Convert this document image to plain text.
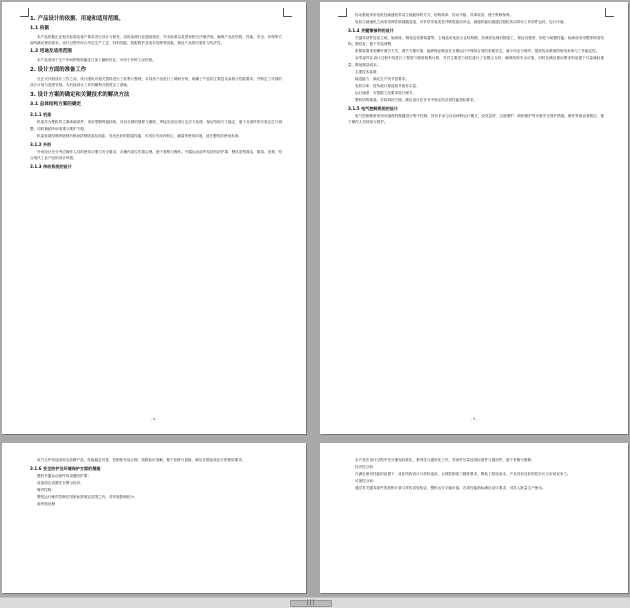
1. 产品设计的依据、用途和适用范围。
1.1 依据

本产品依据企业相关标准及客户要求进行设计与研发，同时参照行业通用规范、安全标准以及国家相关法律法规，确保产品在结构、性能、安全、环保等方面均满足使用需求。设计过程中综合考虑生产工艺、材料性能、装配维护及成本控制等因素，保证产品的可靠性与经济性。

1.2 用途及适用范围

本产品适用于生产车间的物料输送与加工辅助作业，可用于多种工况环境。

2. 设计方面的准备工作

在正式开展设计工作之前，设计团队对相关资料进行了收集与整理，对同类产品进行了调研分析，明确了产品的主要技术参数与性能要求，并制定了详细的设计计划与进度安排，为后续设计工作的顺利开展奠定了基础。

3. 设计方案的确定和关键技术的解决方法
3.1 总体结构方案的确定
3.1.1 机架

机架作为整机的主要承载部件，采用型钢焊接结构，具有足够的强度与刚度。焊接完成后进行去应力处理，保证结构尺寸稳定，便于各部件的安装定位与调整，同时兼顾外形美观与维护方便。

机架表面经喷砂除锈后喷涂防锈底漆及面漆，具有良好的防腐性能，可适应车间内粉尘、潮湿等使用环境，延长整机的使用寿命。

3.1.2 外形

外形设计充分考虑操作人员的使用习惯与安全要求，各操作部位布置合理，便于观察与操作。外露运动部件均设有防护罩，整体造型简洁、紧凑、美观，符合现代工业产品的设计风格。

3.1.3 传动系统的设计
- 4 -

传动系统采用电机经减速机带动主轴旋转的方式，结构简单、传动平稳、效率较高，便于维修保养。

电机与减速机之间采用弹性联轴器连接，可补偿安装误差并吸收振动冲击，减速机输出端通过链轮传动带动工作部件运转，运行可靠。

3.1.4 关键零部件的设计

关键零部件包括主轴、轴承座、链轮及张紧装置等。主轴选用优质合金结构钢，经调质处理后精加工，保证其强度、韧性与耐磨性能；轴承座采用整体铸造结构，刚性好，便于安装调整。

张紧装置采用螺杆调节方式，调节方便可靠，能够保证链条在长期运行中保持合适的张紧状态，减少冲击与噪声，提高传动系统的使用寿命与工作稳定性。

各零部件在设计过程中均进行了强度与刚度校核计算，并对主要受力部位进行了有限元分析，确保结构安全可靠，同时在满足使用要求的前提下尽量减轻重量、降低制造成本。

主要技术参数：

输送能力：满足生产线节拍要求；

电机功率：按负载计算选取并留有余量；

运行速度：可根据工况要求进行调节。

整机结构紧凑，安装调试方便，满足设计任务书中规定的各项性能指标要求。

3.1.5 电气控制系统的设计

电气控制系统采用可编程控制器进行集中控制，具有手动与自动两种运行模式，设有急停、过载保护、缺相保护等多重安全保护措施，操作界面直观简洁，便于操作人员使用与维护。

- 5 -

电气元件均选用知名品牌产品，性能稳定可靠，控制柜布局合理，线路标识清晰，便于检修与更换，满足长期连续运行的使用要求。

3.1.6 安全防护及环境保护方面的措施

整机外露运动部件均设置防护罩；

设备周边设置安全警示标识；

噪声控制：

整机运行噪声控制在国家标准规定范围之内，对环境影响较小；

废弃物处理：

本产品在设计过程中充分重视标准化、系列化与通用化工作，零部件尽量选用标准件与通用件，便于采购与维修。

经济性分析：

在满足使用性能的前提下，优化结构设计与材料选用，合理控制加工精度要求，降低了制造成本，产品具有良好的性价比与市场竞争力。

可靠性分析：

通过对关键零部件的校核计算与样机试验验证，整机运行平稳可靠，各项性能指标满足设计要求，可投入批量生产使用。

|||
